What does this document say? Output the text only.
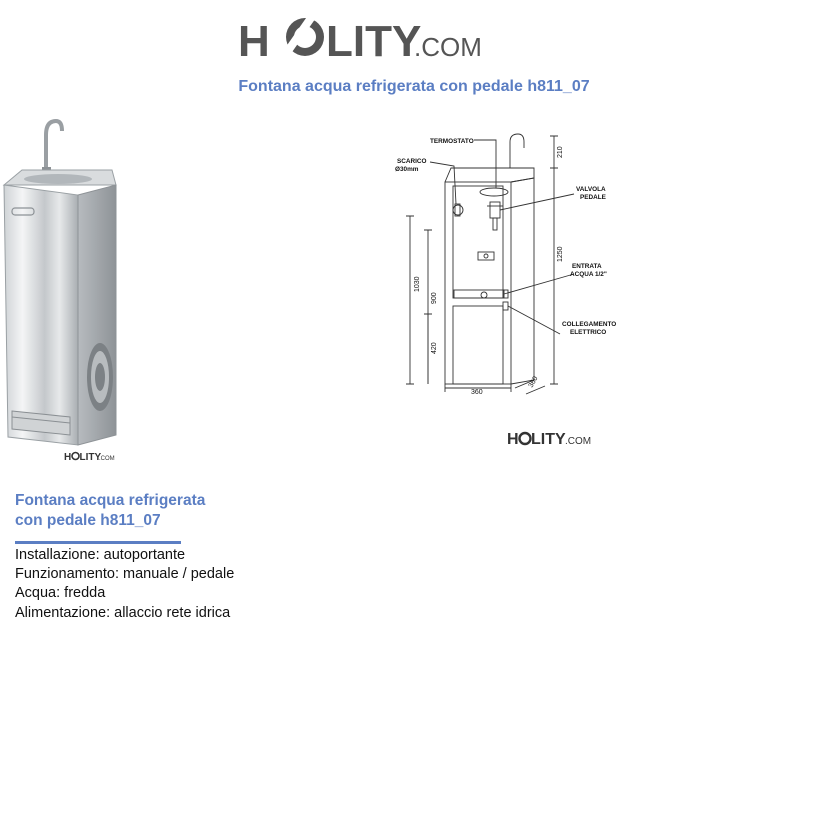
H LITY
.COM
Fontana acqua refrigerata con pedale h811_07
H LITY
.COM
TERMOSTATO
SCARICO
Ø30mm
VALVOLA
PEDALE
ENTRATA
ACQUA 1/2"
COLLEGAMENTO
ELETTRICO
210
1250
1030
900
420
360
360
H LITY .COM
Fontana acqua refrigerata
con pedale h811_07
Installazione: autoportante
Funzionamento: manuale / pedale
Acqua: fredda
Alimentazione: allaccio rete idrica
